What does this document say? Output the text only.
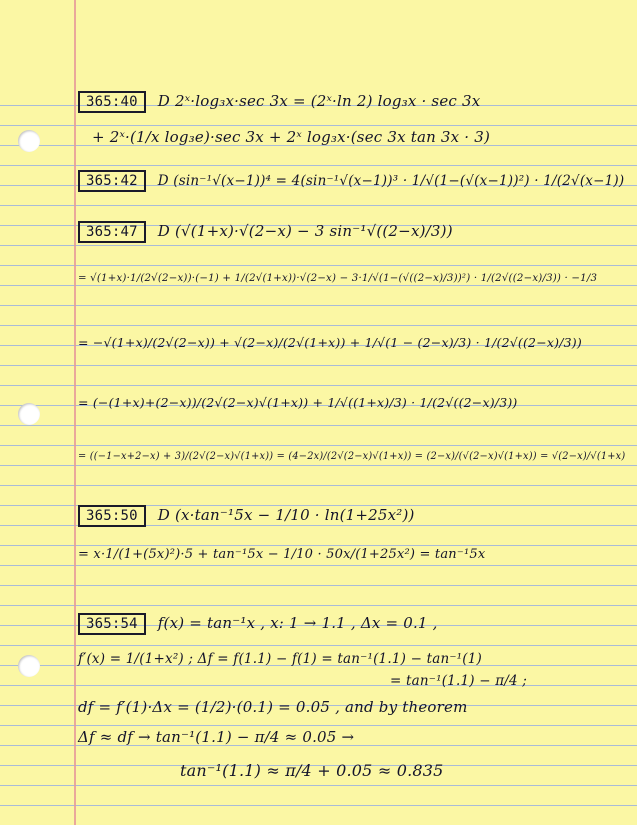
365:40 D 2ˣ·log₃x·sec 3x = (2ˣ·ln 2) log₃x · sec 3x
+ 2ˣ·(1/x log₃e)·sec 3x + 2ˣ log₃x·(sec 3x tan 3x · 3)
365:42 D (sin⁻¹√(x−1))⁴ = 4(sin⁻¹√(x−1))³ · 1/√(1−(√(x−1))²) · 1/(2√(x−1))
365:47 D (√(1+x)·√(2−x) − 3 sin⁻¹√((2−x)/3))
= √(1+x)·1/(2√(2−x))·(−1) + 1/(2√(1+x))·√(2−x) − 3·1/√(1−(√((2−x)/3))²) · 1/(2√((2−x)/3)) · −1/3
= −√(1+x)/(2√(2−x)) + √(2−x)/(2√(1+x)) + 1/√(1 − (2−x)/3) · 1/(2√((2−x)/3))
= (−(1+x)+(2−x))/(2√(2−x)√(1+x)) + 1/√((1+x)/3) · 1/(2√((2−x)/3))
= ((−1−x+2−x) + 3)/(2√(2−x)√(1+x)) = (4−2x)/(2√(2−x)√(1+x)) = (2−x)/(√(2−x)√(1+x)) = √(2−x)/√(1+x)
365:50 D (x·tan⁻¹5x − 1/10 · ln(1+25x²))
= x·1/(1+(5x)²)·5 + tan⁻¹5x − 1/10 · 50x/(1+25x²) = tan⁻¹5x
365:54 f(x) = tan⁻¹x , x: 1 → 1.1 , Δx = 0.1 ,
f′(x) = 1/(1+x²) ; Δf = f(1.1) − f(1) = tan⁻¹(1.1) − tan⁻¹(1)
= tan⁻¹(1.1) − π/4 ;
df = f′(1)·Δx = (1/2)·(0.1) = 0.05 , and by theorem
Δf ≈ df → tan⁻¹(1.1) − π/4 ≈ 0.05 →
tan⁻¹(1.1) ≈ π/4 + 0.05 ≈ 0.835
